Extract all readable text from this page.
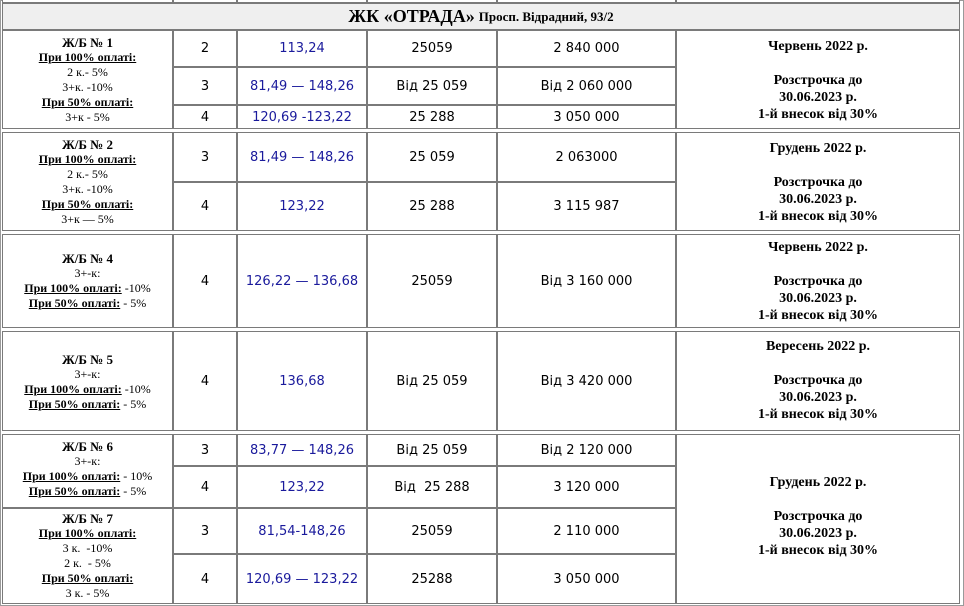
ЖК «ОТРАДА»
Просп. Відрадний, 93/2
Ж/Б № 1
При 100% оплаті:
2 к.- 5%
3+к. -10%
При 50% оплаті:
3+к - 5%
2	113,24	25059	2 840 000
3	81,49 — 148,26	Від 25 059	Від 2 060 000
4	120,69 -123,22	25 288	3 050 000
Червень 2022 р.
Розстрочка до
30.06.2023 р.
1-й внесок від 30%
Ж/Б № 2
При 100% оплаті:
2 к.- 5%
3+к. -10%
При 50% оплаті:
3+к — 5%
3	81,49 — 148,26	25 059	2 063000
4	123,22	25 288	3 115 987
Грудень 2022 р.
Розстрочка до
30.06.2023 р.
1-й внесок від 30%
Ж/Б № 4
3+-к:
При 100% оплаті: -10%
При 50% оплаті: - 5%
4	126,22 — 136,68	25059	Від 3 160 000
Червень 2022 р.
Розстрочка до
30.06.2023 р.
1-й внесок від 30%
Ж/Б № 5
3+-к:
При 100% оплаті: -10%
При 50% оплаті: - 5%
4	136,68	Від 25 059	Від 3 420 000
Вересень 2022 р.
Розстрочка до
30.06.2023 р.
1-й внесок від 30%
Ж/Б № 6
3+-к:
При 100% оплаті: - 10%
При 50% оплаті: - 5%
3	83,77 — 148,26	Від 25 059	Від 2 120 000
4	123,22	Від  25 288	3 120 000
Ж/Б № 7
При 100% оплаті:
3 к.  -10%
2 к.  - 5%
При 50% оплаті:
3 к. - 5%
3	81,54-148,26	25059	2 110 000
4	120,69 — 123,22	25288	3 050 000
Грудень 2022 р.
Розстрочка до
30.06.2023 р.
1-й внесок від 30%
